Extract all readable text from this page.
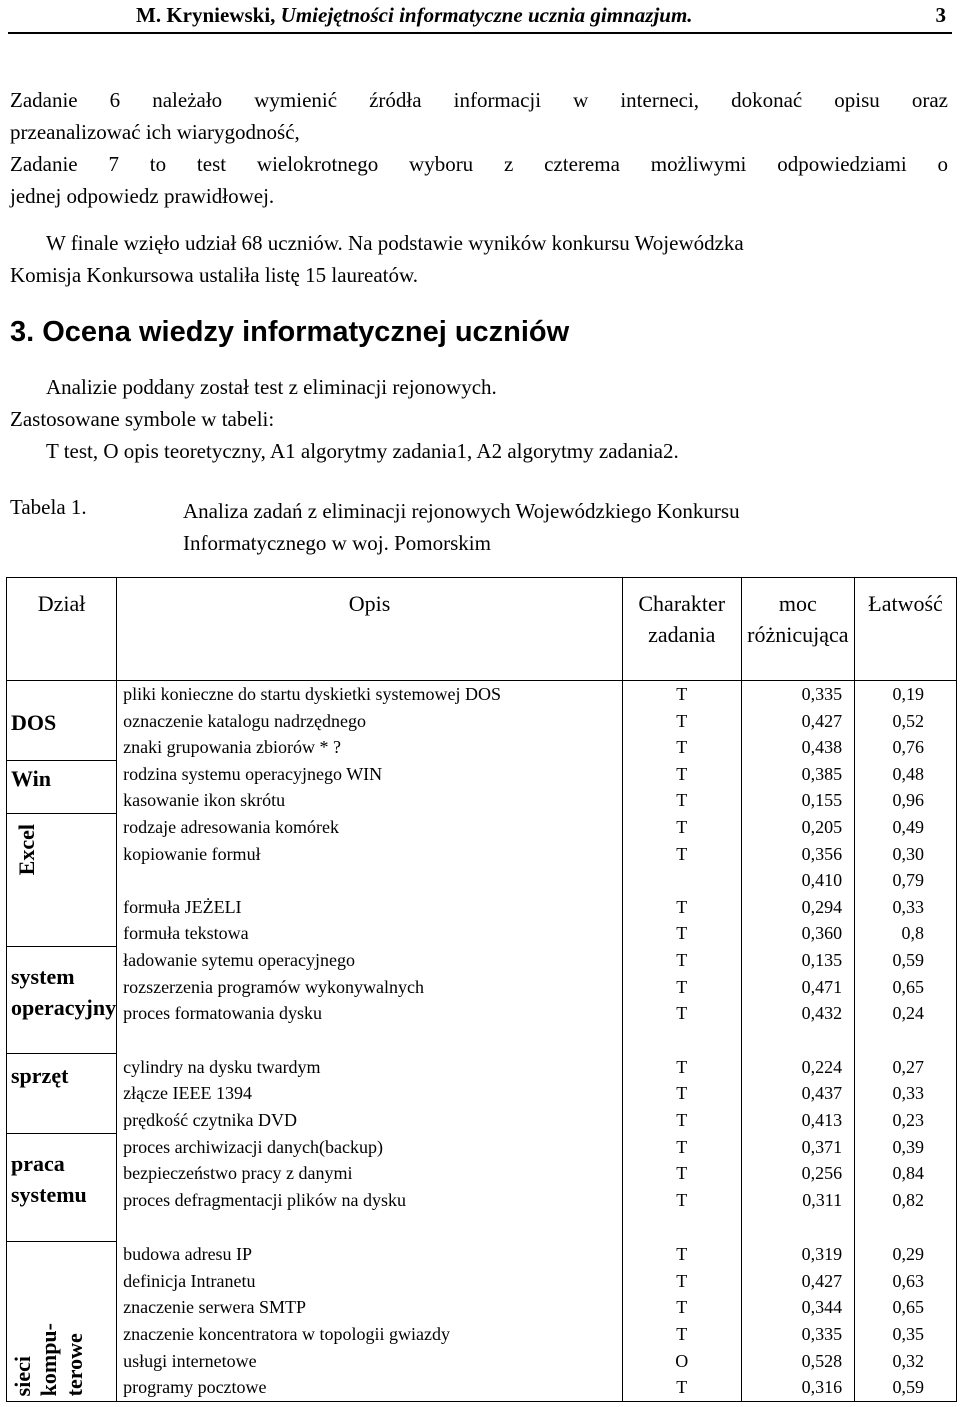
M. Kryniewski, Umiejętności informatyczne ucznia gimnazjum.	3
Zadanie 6 należało wymienić źródła informacji w interneci, dokonać opisu oraz
przeanalizować ich wiarygodność,
Zadanie 7 to test wielokrotnego wyboru z czterema możliwymi odpowiedziami o
jednej odpowiedz prawidłowej.
W finale wzięło udział 68 uczniów. Na podstawie wyników konkursu Wojewódzka
Komisja Konkursowa ustaliła listę 15 laureatów.
3. Ocena wiedzy informatycznej uczniów
Analizie poddany został test z eliminacji rejonowych.
Zastosowane symbole w tabeli:
T test, O opis teoretyczny, A1 algorytmy zadania1, A2 algorytmy zadania2.
Tabela 1.	Analiza zadań z eliminacji rejonowych Wojewódzkiego Konkursu
Informatycznego w woj. Pomorskim
Dział	Opis	Charakter zadania	moc różnicująca	Łatwość
DOS	pliki konieczne do startu dyskietki systemowej DOS	T	0,335	0,19
	oznaczenie katalogu nadrzędnego	T	0,427	0,52
	znaki grupowania zbiorów * ?	T	0,438	0,76
Win	rodzina systemu operacyjnego WIN	T	0,385	0,48
	kasowanie ikon skrótu	T	0,155	0,96

Excel	rodzaje adresowania komórek	T	0,205	0,49
	kopiowanie formuł	T	0,356	0,30
			0,410	0,79
	formuła JEŻELI	T	0,294	0,33
	formuła tekstowa	T	0,360	0,8
system operacyjny	ładowanie sytemu operacyjnego	T	0,135	0,59
	rozszerzenia programów wykonywalnych	T	0,471	0,65
	proces formatowania dysku	T	0,432	0,24

sprzęt	cylindry na dysku twardym	T	0,224	0,27
	złącze IEEE 1394	T	0,437	0,33
	prędkość czytnika DVD	T	0,413	0,23
praca systemu	proces archiwizacji danych(backup)	T	0,371	0,39
	bezpieczeństwo pracy z danymi	T	0,256	0,84
	proces defragmentacji plików na dysku	T	0,311	0,82

sieci kompu- terowe	budowa adresu IP	T	0,319	0,29
	definicja Intranetu	T	0,427	0,63
	znaczenie serwera SMTP	T	0,344	0,65
	znaczenie koncentratora w topologii gwiazdy	T	0,335	0,35
	usługi internetowe	O	0,528	0,32
	programy pocztowe	T	0,316	0,59
